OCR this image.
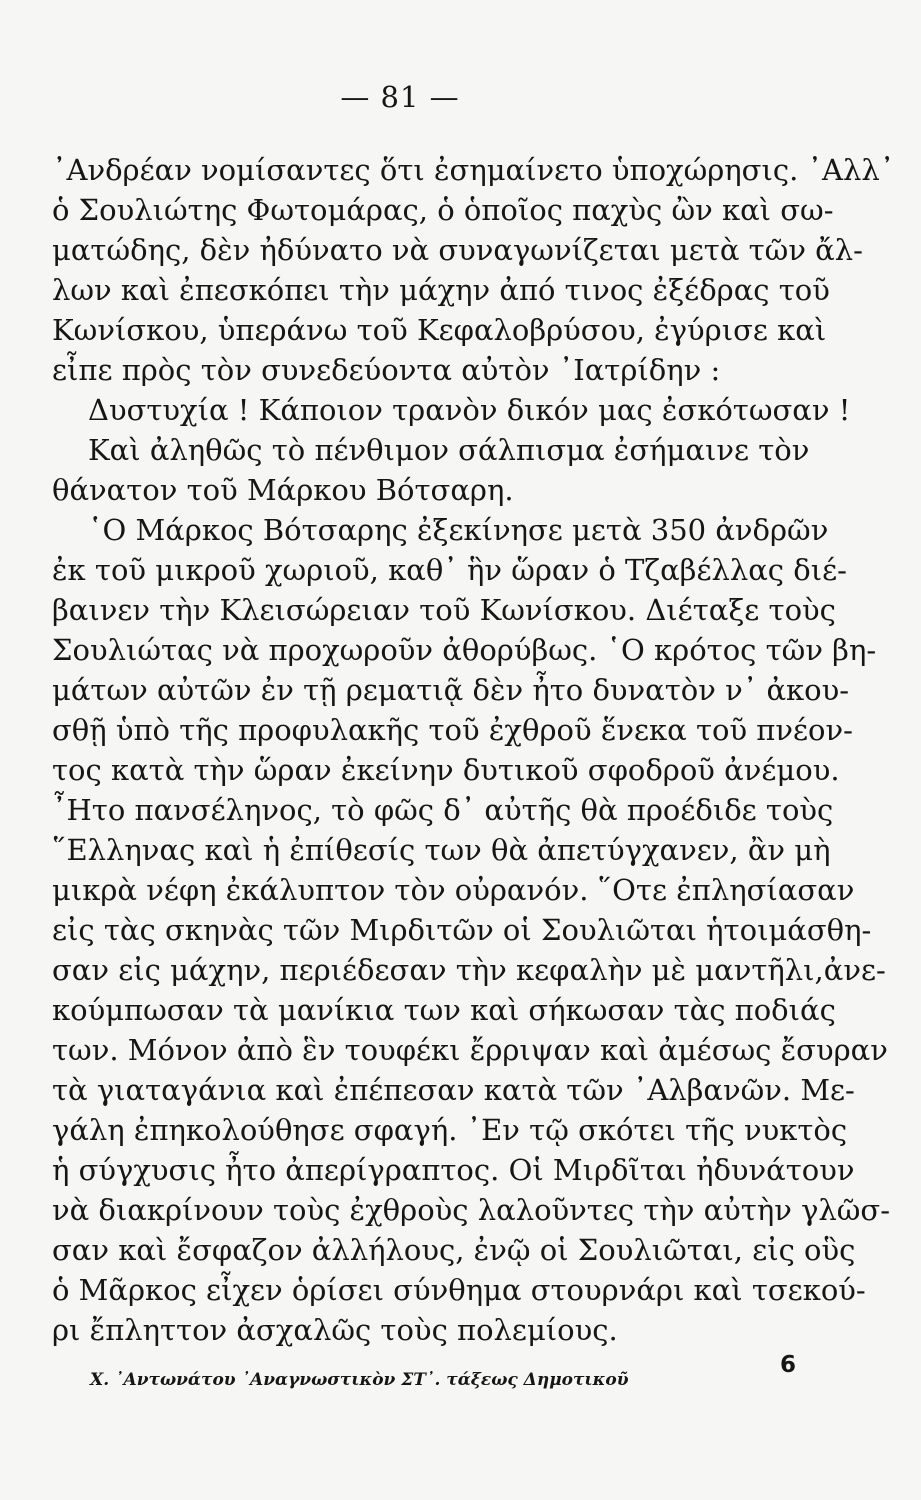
— 81 —
᾿Ανδρέαν νομίσαντες ὅτι ἐσημαίνετο ὑποχώρησις. ᾿Αλλ᾿
ὁ Σουλιώτης Φωτομάρας, ὁ ὁποῖος παχὺς ὢν καὶ σω-
ματώδης, δὲν ἠδύνατο νὰ συναγωνίζεται μετὰ τῶν ἄλ-
λων καὶ ἐπεσκόπει τὴν μάχην ἀπό τινος ἐξέδρας τοῦ
Κωνίσκου, ὑπεράνω τοῦ Κεφαλοβρύσου, ἐγύρισε καὶ
εἶπε πρὸς τὸν συνεδεύοντα αὐτὸν ᾿Ιατρίδην :
Δυστυχία ! Κάποιον τρανὸν δικόν μας ἐσκότωσαν !
Καὶ ἀληθῶς τὸ πένθιμον σάλπισμα ἐσήμαινε τὸν
θάνατον τοῦ Μάρκου Βότσαρη.
῾Ο Μάρκος Βότσαρης ἐξεκίνησε μετὰ 350 ἀνδρῶν
ἐκ τοῦ μικροῦ χωριοῦ, καθ᾿ ἣν ὥραν ὁ Τζαβέλλας διέ-
βαινεν τὴν Κλεισώρειαν τοῦ Κωνίσκου. Διέταξε τοὺς
Σουλιώτας νὰ προχωροῦν ἀθορύβως. ῾Ο κρότος τῶν βη-
μάτων αὐτῶν ἐν τῇ ρεματιᾷ δὲν ἦτο δυνατὸν ν᾿ ἀκου-
σθῇ ὑπὸ τῆς προφυλακῆς τοῦ ἐχθροῦ ἕνεκα τοῦ πνέον-
τος κατὰ τὴν ὥραν ἐκείνην δυτικοῦ σφοδροῦ ἀνέμου.
῏Ητο πανσέληνος, τὸ φῶς δ᾿ αὐτῆς θὰ προέδιδε τοὺς
῞Ελληνας καὶ ἡ ἐπίθεσίς των θὰ ἀπετύγχανεν, ἂν μὴ
μικρὰ νέφη ἐκάλυπτον τὸν οὐρανόν. ῞Οτε ἐπλησίασαν
εἰς τὰς σκηνὰς τῶν Μιρδιτῶν οἱ Σουλιῶται ἡτοιμάσθη-
σαν εἰς μάχην, περιέδεσαν τὴν κεφαλὴν μὲ μαντῆλι,ἀνε-
κούμπωσαν τὰ μανίκια των καὶ σήκωσαν τὰς ποδιάς
των. Μόνον ἀπὸ ἓν τουφέκι ἔρριψαν καὶ ἀμέσως ἔσυραν
τὰ γιαταγάνια καὶ ἐπέπεσαν κατὰ τῶν ᾿Αλβανῶν. Με-
γάλη ἐπηκολούθησε σφαγή. ᾿Εν τῷ σκότει τῆς νυκτὸς
ἡ σύγχυσις ἦτο ἀπερίγραπτος. Οἱ Μιρδῖται ἠδυνάτουν
νὰ διακρίνουν τοὺς ἐχθροὺς λαλοῦντες τὴν αὐτὴν γλῶσ-
σαν καὶ ἔσφαζον ἀλλήλους, ἐνῷ οἱ Σουλιῶται, εἰς οὓς
ὁ Μᾶρκος εἶχεν ὁρίσει σύνθημα στουρνάρι καὶ τσεκού-
ρι ἔπληττον ἀσχαλῶς τοὺς πολεμίους.
Χ. ᾿Αντωνάτου ᾿Αναγνωστικὸν ΣΤ᾿. τάξεως Δημοτικοῦ
6
